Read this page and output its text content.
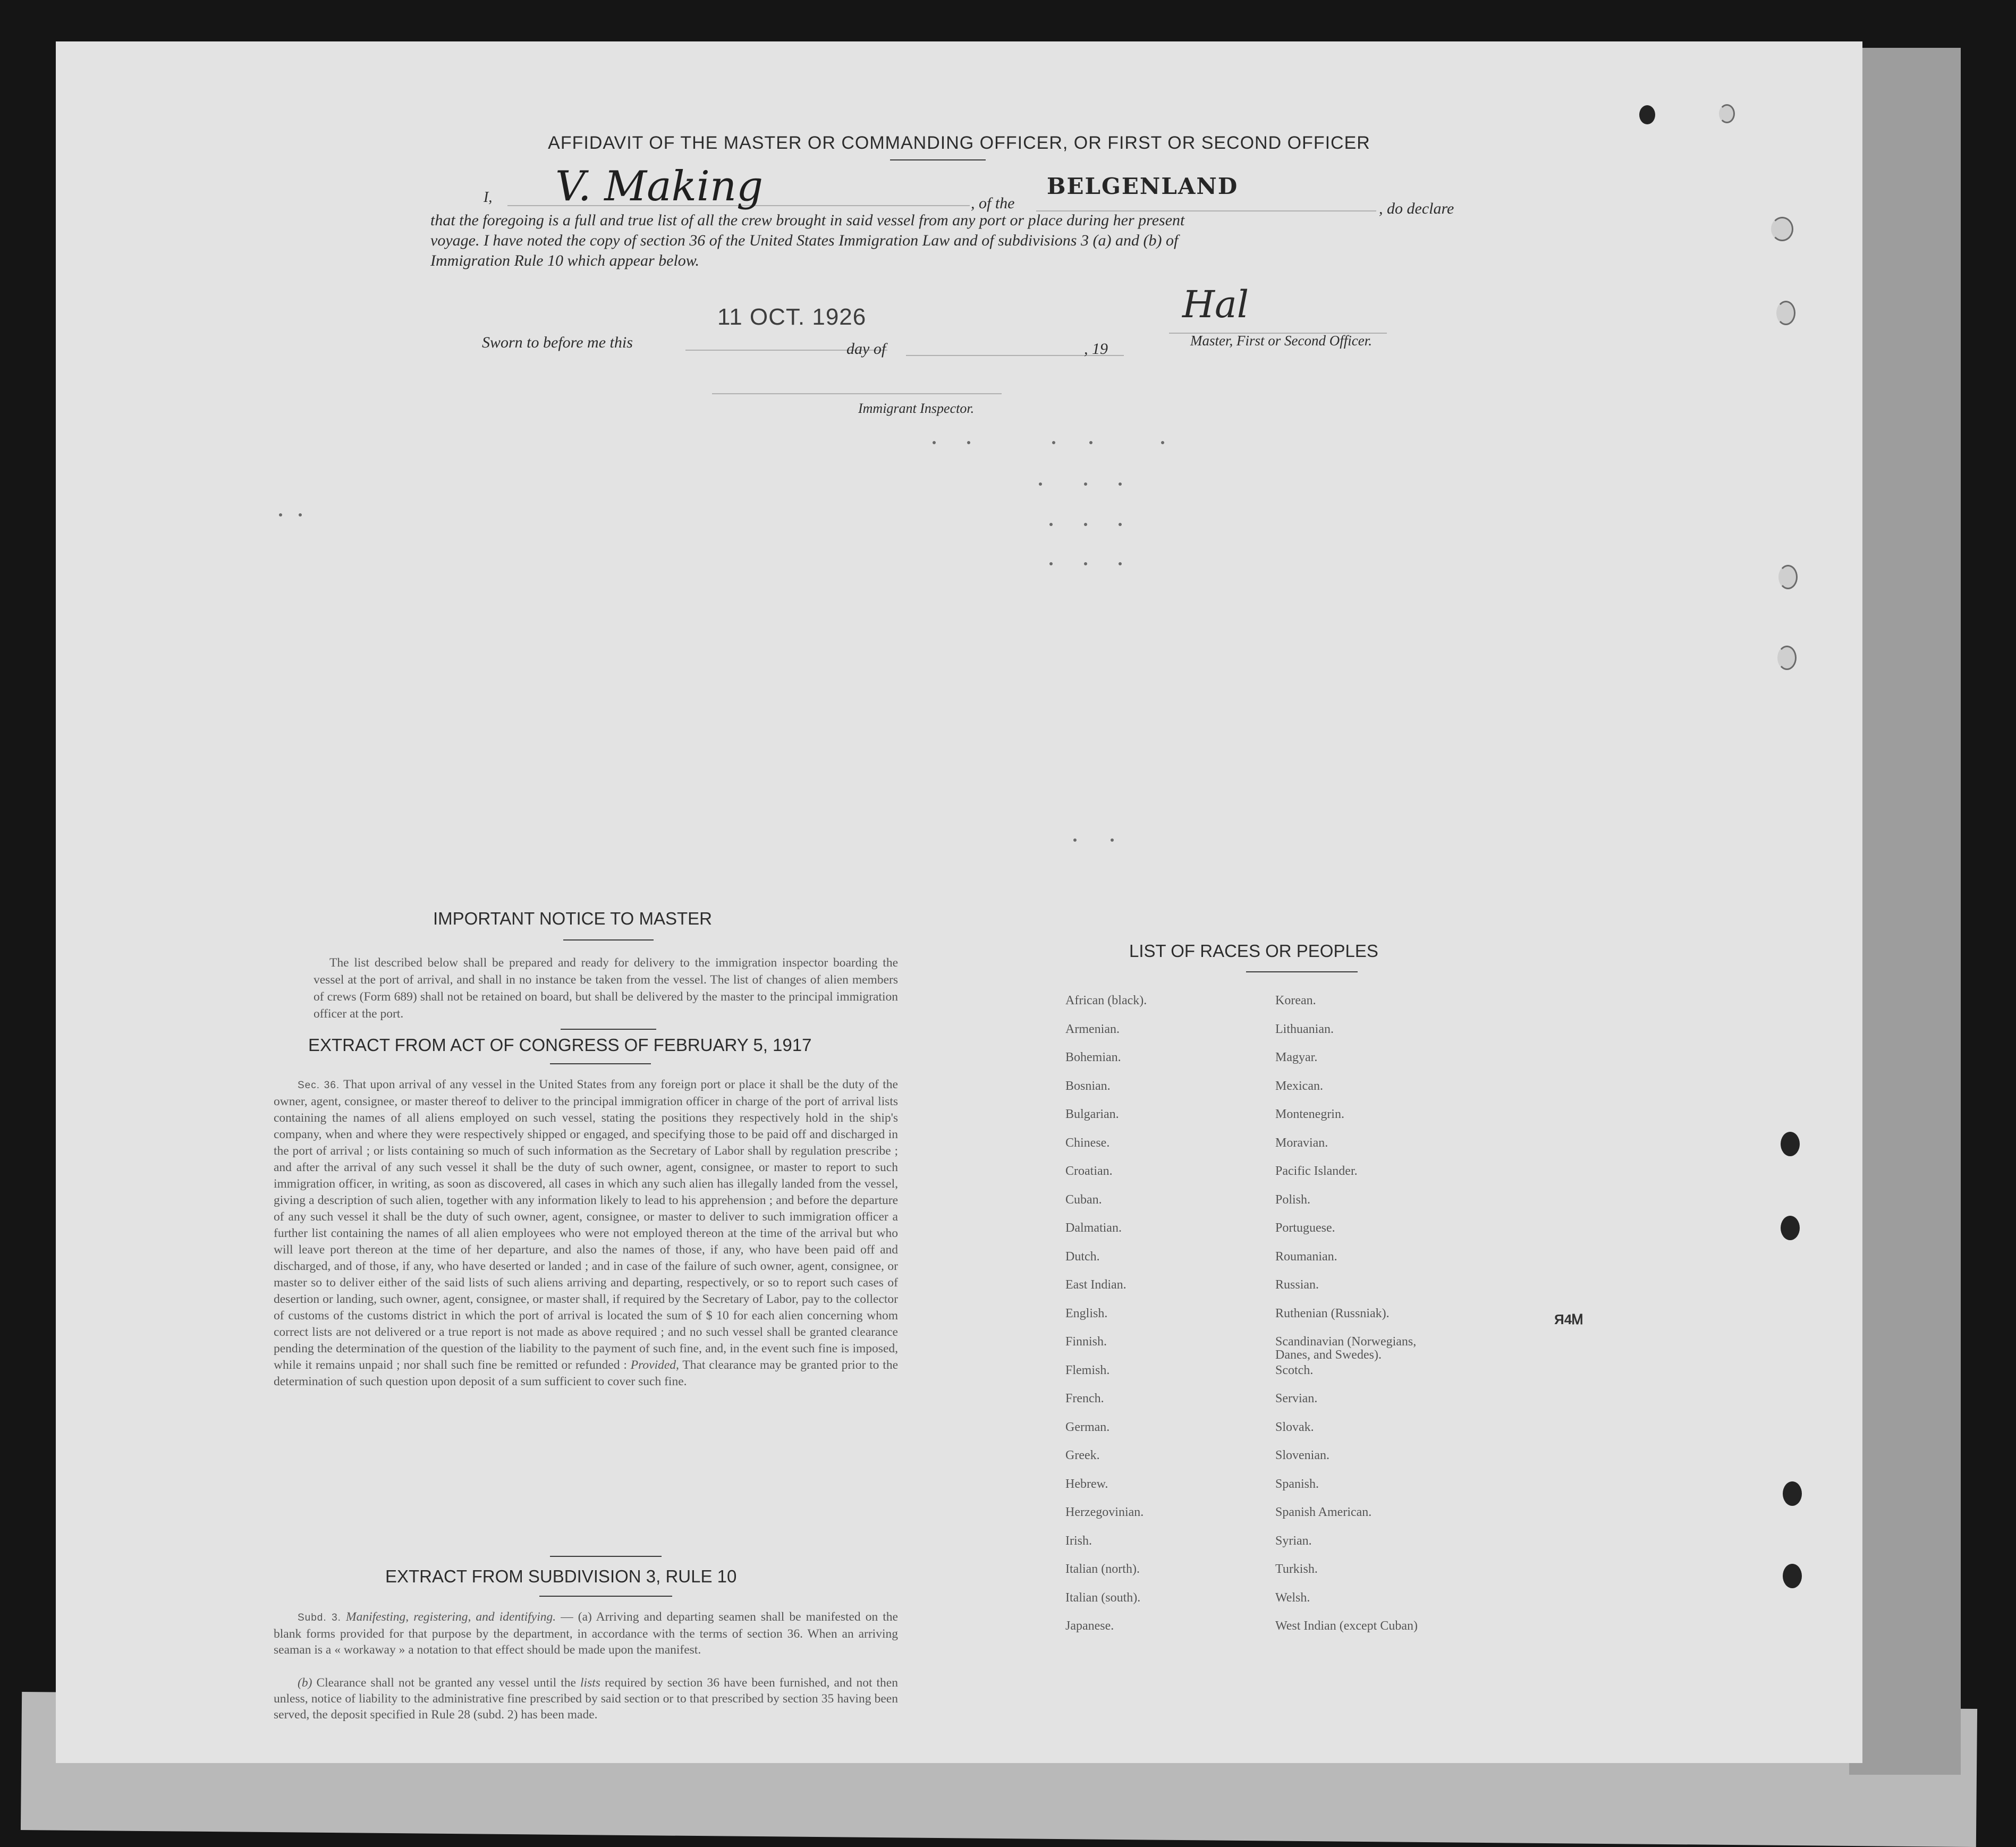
AFFIDAVIT OF THE MASTER OR COMMANDING OFFICER, OR FIRST OR SECOND OFFICER
I, V. Making	, of the
BELGENLAND
, do declare
that the foregoing is a full and true list of all the crew brought in said vessel from any port or place during her present
voyage. I have noted the copy of section 36 of the United States Immigration Law and of subdivisions 3 (a) and (b) of
Immigration Rule 10 which appear below.
11 OCT. 1926	Hal
Sworn to before me this	day of	, 19	Master, First or Second Officer.
Immigrant Inspector.
IMPORTANT NOTICE TO MASTER

The list described below shall be prepared and ready for delivery to the immigration inspector boarding the vessel at the port of arrival, and shall in no instance be taken from the vessel. The list of changes of alien members of crews (Form 689) shall not be retained on board, but shall be delivered by the master to the principal immigration officer at the port.

EXTRACT FROM ACT OF CONGRESS OF FEBRUARY 5, 1917

Sec. 36. That upon arrival of any vessel in the United States from any foreign port or place it shall be the duty of the owner, agent, consignee, or master thereof to deliver to the principal immigration officer in charge of the port of arrival lists containing the names of all aliens employed on such vessel, stating the positions they respectively hold in the ship's company, when and where they were respectively shipped or engaged, and specifying those to be paid off and discharged in the port of arrival ; or lists containing so much of such information as the Secretary of Labor shall by regulation prescribe ; and after the arrival of any such vessel it shall be the duty of such owner, agent, consignee, or master to report to such immigration officer, in writing, as soon as discovered, all cases in which any such alien has illegally landed from the vessel, giving a description of such alien, together with any information likely to lead to his apprehension ; and before the departure of any such vessel it shall be the duty of such owner, agent, consignee, or master to deliver to such immigration officer a further list containing the names of all alien employees who were not employed thereon at the time of the arrival but who will leave port thereon at the time of her departure, and also the names of those, if any, who have been paid off and discharged, and of those, if any, who have deserted or landed ; and in case of the failure of such owner, agent, consignee, or master so to deliver either of the said lists of such aliens arriving and departing, respectively, or so to report such cases of desertion or landing, such owner, agent, consignee, or master shall, if required by the Secretary of Labor, pay to the collector of customs of the customs district in which the port of arrival is located the sum of $ 10 for each alien concerning whom correct lists are not delivered or a true report is not made as above required ; and no such vessel shall be granted clearance pending the determination of the question of the liability to the payment of such fine, and, in the event such fine is imposed, while it remains unpaid ; nor shall such fine be remitted or refunded : Provided, That clearance may be granted prior to the determination of such question upon deposit of a sum sufficient to cover such fine.

EXTRACT FROM SUBDIVISION 3, RULE 10

Subd. 3. Manifesting, registering, and identifying. — (a) Arriving and departing seamen shall be manifested on the blank forms provided for that purpose by the department, in accordance with the terms of section 36. When an arriving seaman is a « workaway » a notation to that effect should be made upon the manifest.

(b) Clearance shall not be granted any vessel until the lists required by section 36 have been furnished, and not then unless, notice of liability to the administrative fine prescribed by said section or to that prescribed by section 35 having been served, the deposit specified in Rule 28 (subd. 2) has been made.

LIST OF RACES OR PEOPLES
African (black).
Armenian.
Bohemian.
Bosnian.
Bulgarian.
Chinese.
Croatian.
Cuban.
Dalmatian.
Dutch.
East Indian.
English.
Finnish.
Flemish.
French.
German.
Greek.
Hebrew.
Herzegovinian.
Irish.
Italian (north).
Italian (south).
Japanese.
Korean.
Lithuanian.
Magyar.
Mexican.
Montenegrin.
Moravian.
Pacific Islander.
Polish.
Portuguese.
Roumanian.
Russian.
Ruthenian (Russniak).
Scandinavian (Norwegians,
Danes, and Swedes).
Scotch.
Servian.
Slovak.
Slovenian.
Spanish.
Spanish American.
Syrian.
Turkish.
Welsh.
West Indian (except Cuban)
Я4Ꮇ
